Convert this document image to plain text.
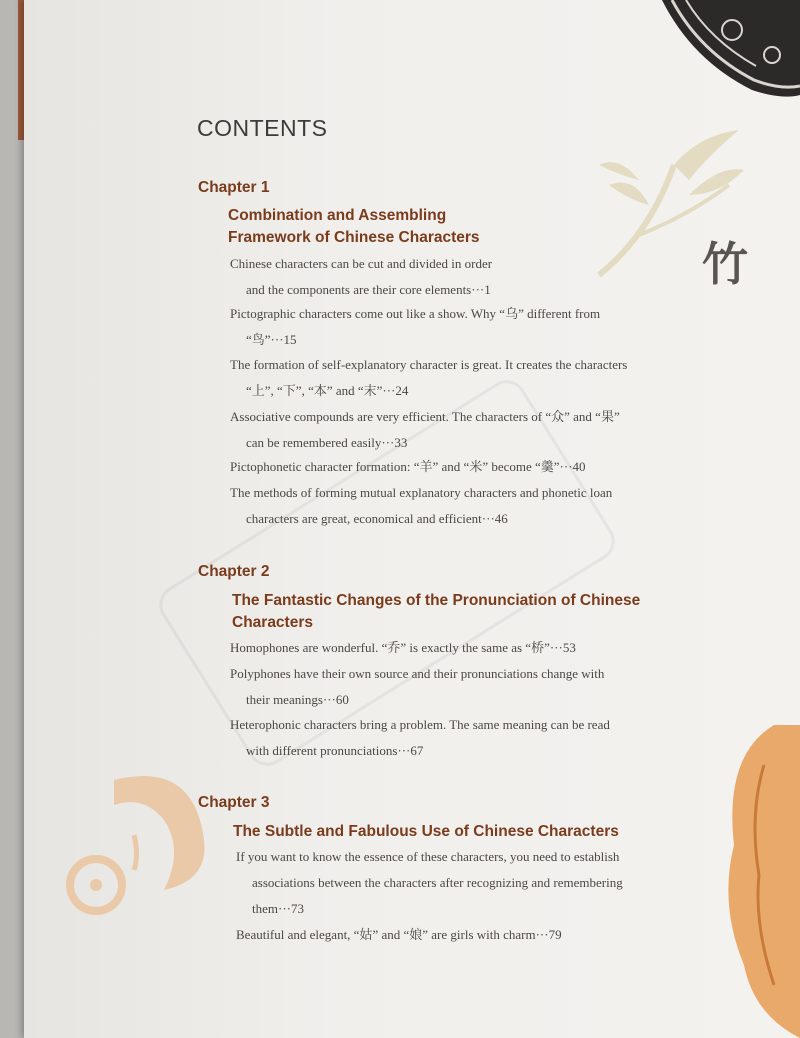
竹
CONTENTS
Chapter 1
Combination and Assembling
Framework of Chinese Characters
Chinese characters can be cut and divided in order
and the components are their core elements···1
Pictographic characters come out like a show. Why “乌” different from
“鸟”···15
The formation of self-explanatory character is great. It creates the characters
“上”, “下”, “本” and “末”···24
Associative compounds are very efficient. The characters of “众” and “果”
can be remembered easily···33
Pictophonetic character formation: “羊” and “米” become “羹”···40
The methods of forming mutual explanatory characters and phonetic loan
characters are great, economical and efficient···46
Chapter 2
The Fantastic Changes of the Pronunciation of Chinese
Characters
Homophones are wonderful. “乔” is exactly the same as “桥”···53
Polyphones have their own source and their pronunciations change with
their meanings···60
Heterophonic characters bring a problem. The same meaning can be read
with different pronunciations···67
Chapter 3
The Subtle and Fabulous Use of Chinese Characters
If you want to know the essence of these characters, you need to establish
associations between the characters after recognizing and remembering
them···73
Beautiful and elegant, “姑” and “娘” are girls with charm···79
